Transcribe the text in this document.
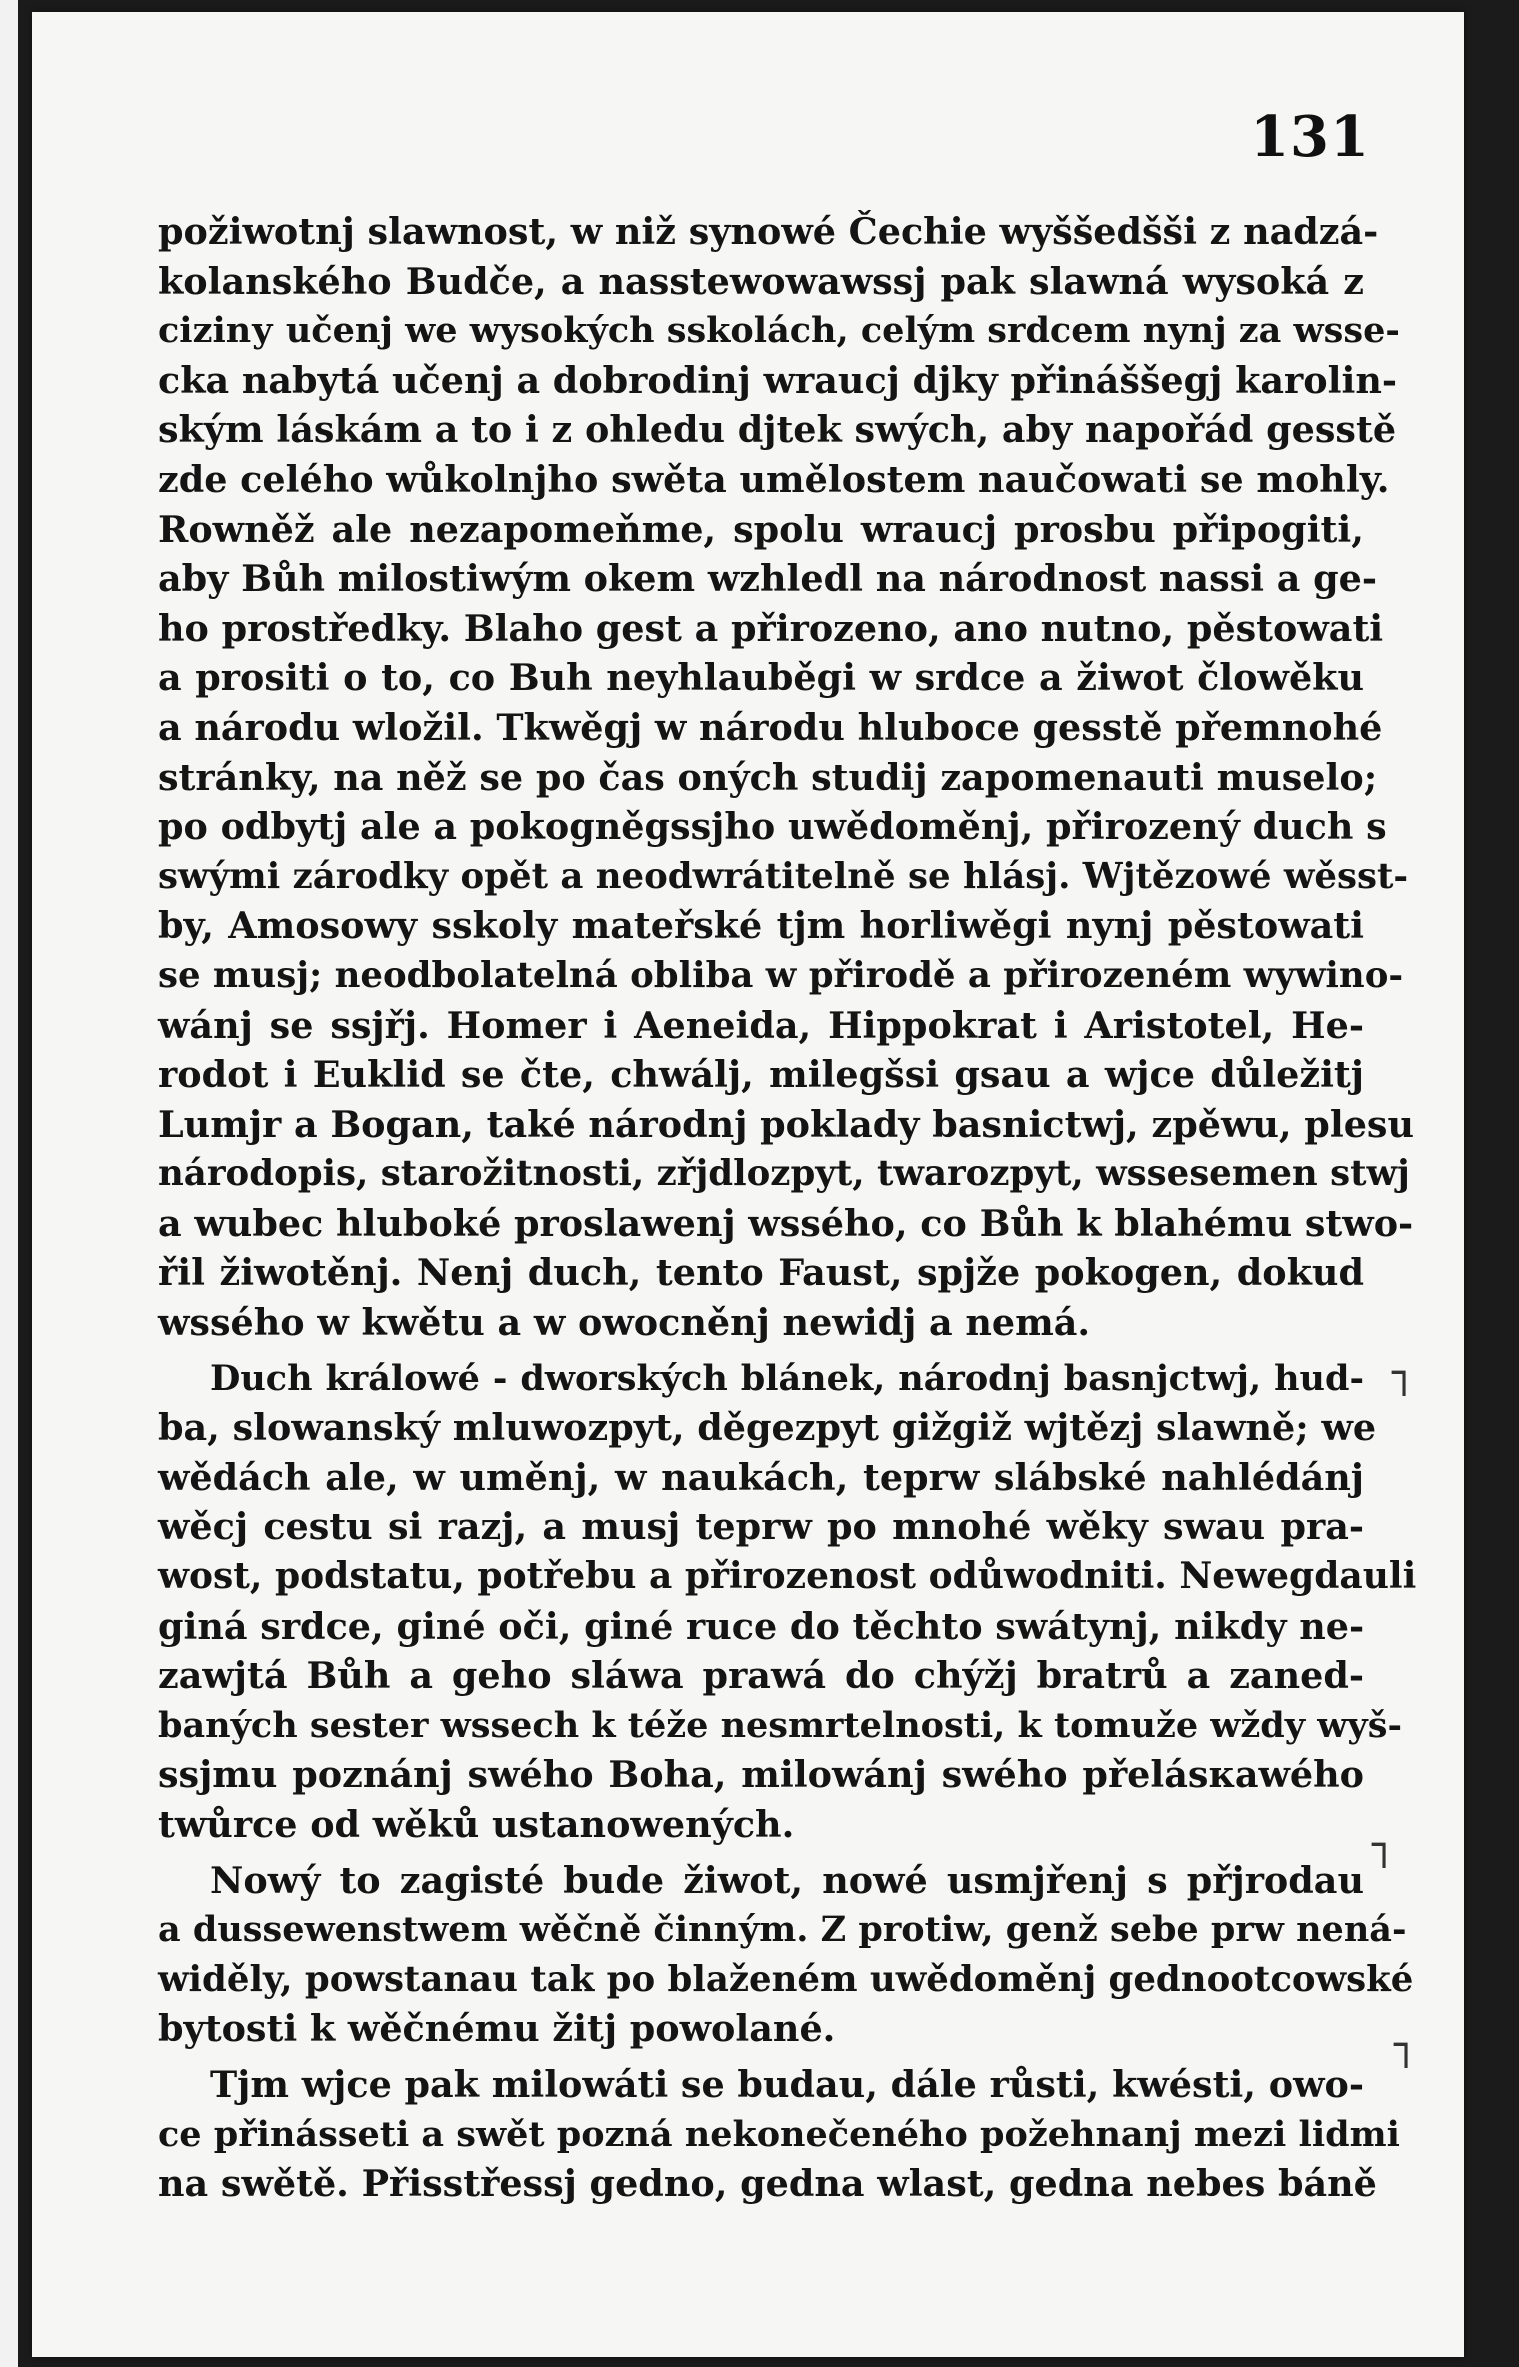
131
požiwotnj slawnost, w niž synowé Čechie wyššedšši z nadzá-
kolanského Budče, a nasstewowawssj pak slawná wysoká z
cizinу učenj we wysokých sskolách, celým srdcem nynj za wsse-
cka nabytá učenj a dobrodinj wraucj djky přináššegj karolin-
ským láskám a to i z ohledu djtek swých, aby napořád gesstě
zde celého wůkolnjho swěta umělostem naučowati se mohly.
Rowněž ale nezapomeňme, spolu wraucj prosbu připogiti,
aby Bůh milostiwým okem wzhledl na národnost nassi a ge-
ho prostředky. Blaho gest a přirozeno, ano nutno, pěstowati
a prositi o to, co Buh neyhlauběgi w srdce a žiwot člowěku
a národu wložil. Tkwěgj w národu hluboce gesstě přemnohé
stránky, na něž se po čas oných studij zapomenauti muselo;
po odbytj ale a pokogněgssjho uwědoměnj, přirozený duch s
swými zárodky opět a neodwrátitelně se hlásj. Wjtězowé wěsst-
by, Amosowy sskoly mateřské tjm horliwěgi nynj pěstowati
se musj; neodbolatelná obliba w přirodě a přirozeném wywino-
wánj se ssjřj. Homer i Aeneida, Hippokrat i Aristotel, He-
rodot i Euklid se čte, chwálj, milegšsi gsau a wjce důležitj
Lumjr a Bogan, také národnj poklady basnictwj, zpěwu, plesu
národopis, starožitnosti, zřjdlozpyt, twarozpyt, wssesemen stwj
a wubec hluboké proslawenj wssého, co Bůh k blahému stwo-
řil žiwotěnj. Nenj duch, tento Faust, spjže pokogen, dokud
wssého w kwětu a w owocněnj newidj a nemá.
Duch králowé - dworských blánek, národnj basnjctwj, hud-
ba, slowanský mluwozpyt, děgezpyt gižgiž wjtězj slawně; we
wědách ale, w uměnj, w naukách, teprw slábské nahlédánj
wěcj cestu si razj, a musj teprw po mnohé wěky swau pra-
wost, podstatu, potřebu a přirozenost odůwodniti. Newegdauli
giná srdce, giné oči, giné ruce do těchto swátynj, nikdy ne-
zawjtá Bůh a geho sláwa prawá do chýžj bratrů a zaned-
baných sester wssech k téže nesmrtelnosti, k tomuže wždy wyš-
ssjmu poznánj swého Boha, milowánj swého přelásкawého
twůrce od wěků ustanowených.
Nowý to zagisté bude žiwot, nowé usmjřenj s přjrodau
a dussewenstwem wěčně činným. Z protiw, genž sebe prw nená-
widěly, powstanau tak po blaženém uwědoměnj gednootcowské
bytosti k wěčnému žitj powolané.
Tjm wjce pak milowáti se budau, dále růsti, kwésti, owo-
ce přinásseti a swět pozná nekonečeného požehnanj mezi lidmi
na swětě. Přisstřessj gedno, gedna wlast, gedna nebes báně
┐
┐
┐
